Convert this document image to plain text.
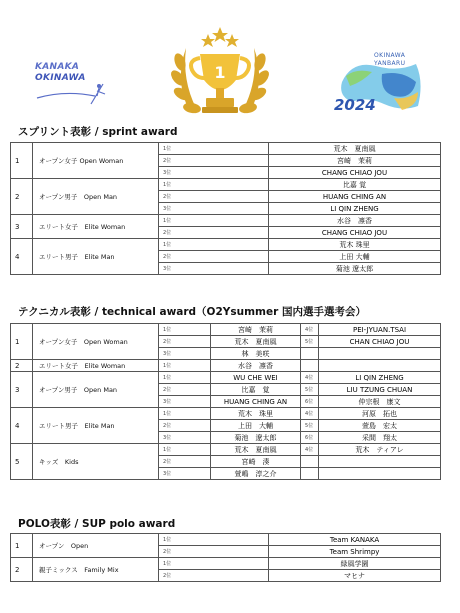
KANAKA
OKINAWA	1
OKINAWA
YANBARU
2024
スプリント表彰 / sprint award
1	オープン女子 Open Woman	1位	荒木　夏南風
		2位	宮崎　茉莉
		3位	CHANG CHIAO JOU
2	オープン男子　Open Man	1位	比嘉 覚
		2位	HUANG CHING AN
		3位	LI QIN ZHENG
3	エリート女子　Elite Woman	1位	水谷　凛香
		2位	CHANG CHIAO JOU
4	エリート男子　Elite Man	1位	荒木 珠里
		2位	上田 大輔
		3位	菊池 遼太郎
テクニカル表彰 / technical award（O2Ysummer 国内選手選考会）
1	オープン女子　Open Woman	1位	宮崎　茉莉	4位	PEI-JYUAN.TSAI
		2位	荒木　夏南風	5位	CHAN CHIAO JOU
		3位	林　美咲		
2	エリート女子　Elite Woman	1位	水谷　凛香		
3	オープン男子　Open Man	1位	WU CHE WEI	4位	LI QIN ZHENG
		2位	比嘉　覚	5位	LIU TZUNG CHUAN
		3位	HUANG CHING AN	6位	仲宗根　康文
4	エリート男子　Elite Man	1位	荒木　珠里	4位	河原　拓也
		2位	上田　大輔	5位	萱島　宏太
		3位	菊池　遼太郎	6位	采間　翔太
5	キッズ　Kids	1位	荒木　夏南風	4位	荒木　ティアレ
		2位	宮崎　湊		
		3位	萱嶋　淳之介		
POLO表彰 / SUP polo award
1	オープン　Open	1位	Team KANAKA
		2位	Team Shrimpy
2	親子ミックス　Family Mix	1位	緑風学園
		2位	マヒナ
